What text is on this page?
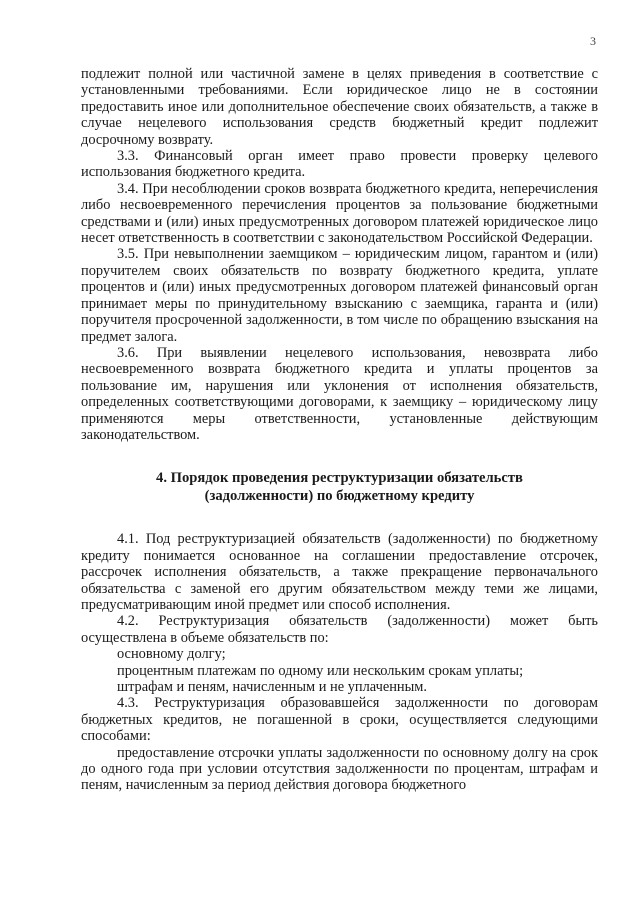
3

подлежит полной или частичной замене в целях приведения в соответствие с установленными требованиями. Если юридическое лицо не в состоянии предоставить иное или дополнительное обеспечение своих обязательств, а также в случае нецелевого использования средств бюджетный кредит подлежит досрочному возврату.

3.3. Финансовый орган имеет право провести проверку целевого использования бюджетного кредита.

3.4. При несоблюдении сроков возврата бюджетного кредита, неперечисления либо несвоевременного перечисления процентов за пользование бюджетными средствами и (или) иных предусмотренных договором платежей юридическое лицо несет ответственность в соответствии с законодательством Российской Федерации.

3.5. При невыполнении заемщиком – юридическим лицом, гарантом и (или) поручителем своих обязательств по возврату бюджетного кредита, уплате процентов и (или) иных предусмотренных договором платежей финансовый орган принимает меры по принудительному взысканию с заемщика, гаранта и (или) поручителя просроченной задолженности, в том числе по обращению взыскания на предмет залога.

3.6. При выявлении нецелевого использования, невозврата либо несвоевременного возврата бюджетного кредита и уплаты процентов за пользование им, нарушения или уклонения от исполнения обязательств, определенных соответствующими договорами, к заемщику – юридическому лицу применяются меры ответственности, установленные действующим законодательством.

4. Порядок проведения реструктуризации обязательств
(задолженности) по бюджетному кредиту

4.1. Под реструктуризацией обязательств (задолженности) по бюджетному кредиту понимается основанное на соглашении предоставление отсрочек, рассрочек исполнения обязательств, а также прекращение первоначального обязательства с заменой его другим обязательством между теми же лицами, предусматривающим иной предмет или способ исполнения.

4.2. Реструктуризация обязательств (задолженности) может быть осуществлена в объеме обязательств по:

основному долгу;

процентным платежам по одному или нескольким срокам уплаты;

штрафам и пеням, начисленным и не уплаченным.

4.3. Реструктуризация образовавшейся задолженности по договорам бюджетных кредитов, не погашенной в сроки, осуществляется следующими способами:

предоставление отсрочки уплаты задолженности по основному долгу на срок до одного года при условии отсутствия задолженности по процентам, штрафам и пеням, начисленным за период действия договора бюджетного
